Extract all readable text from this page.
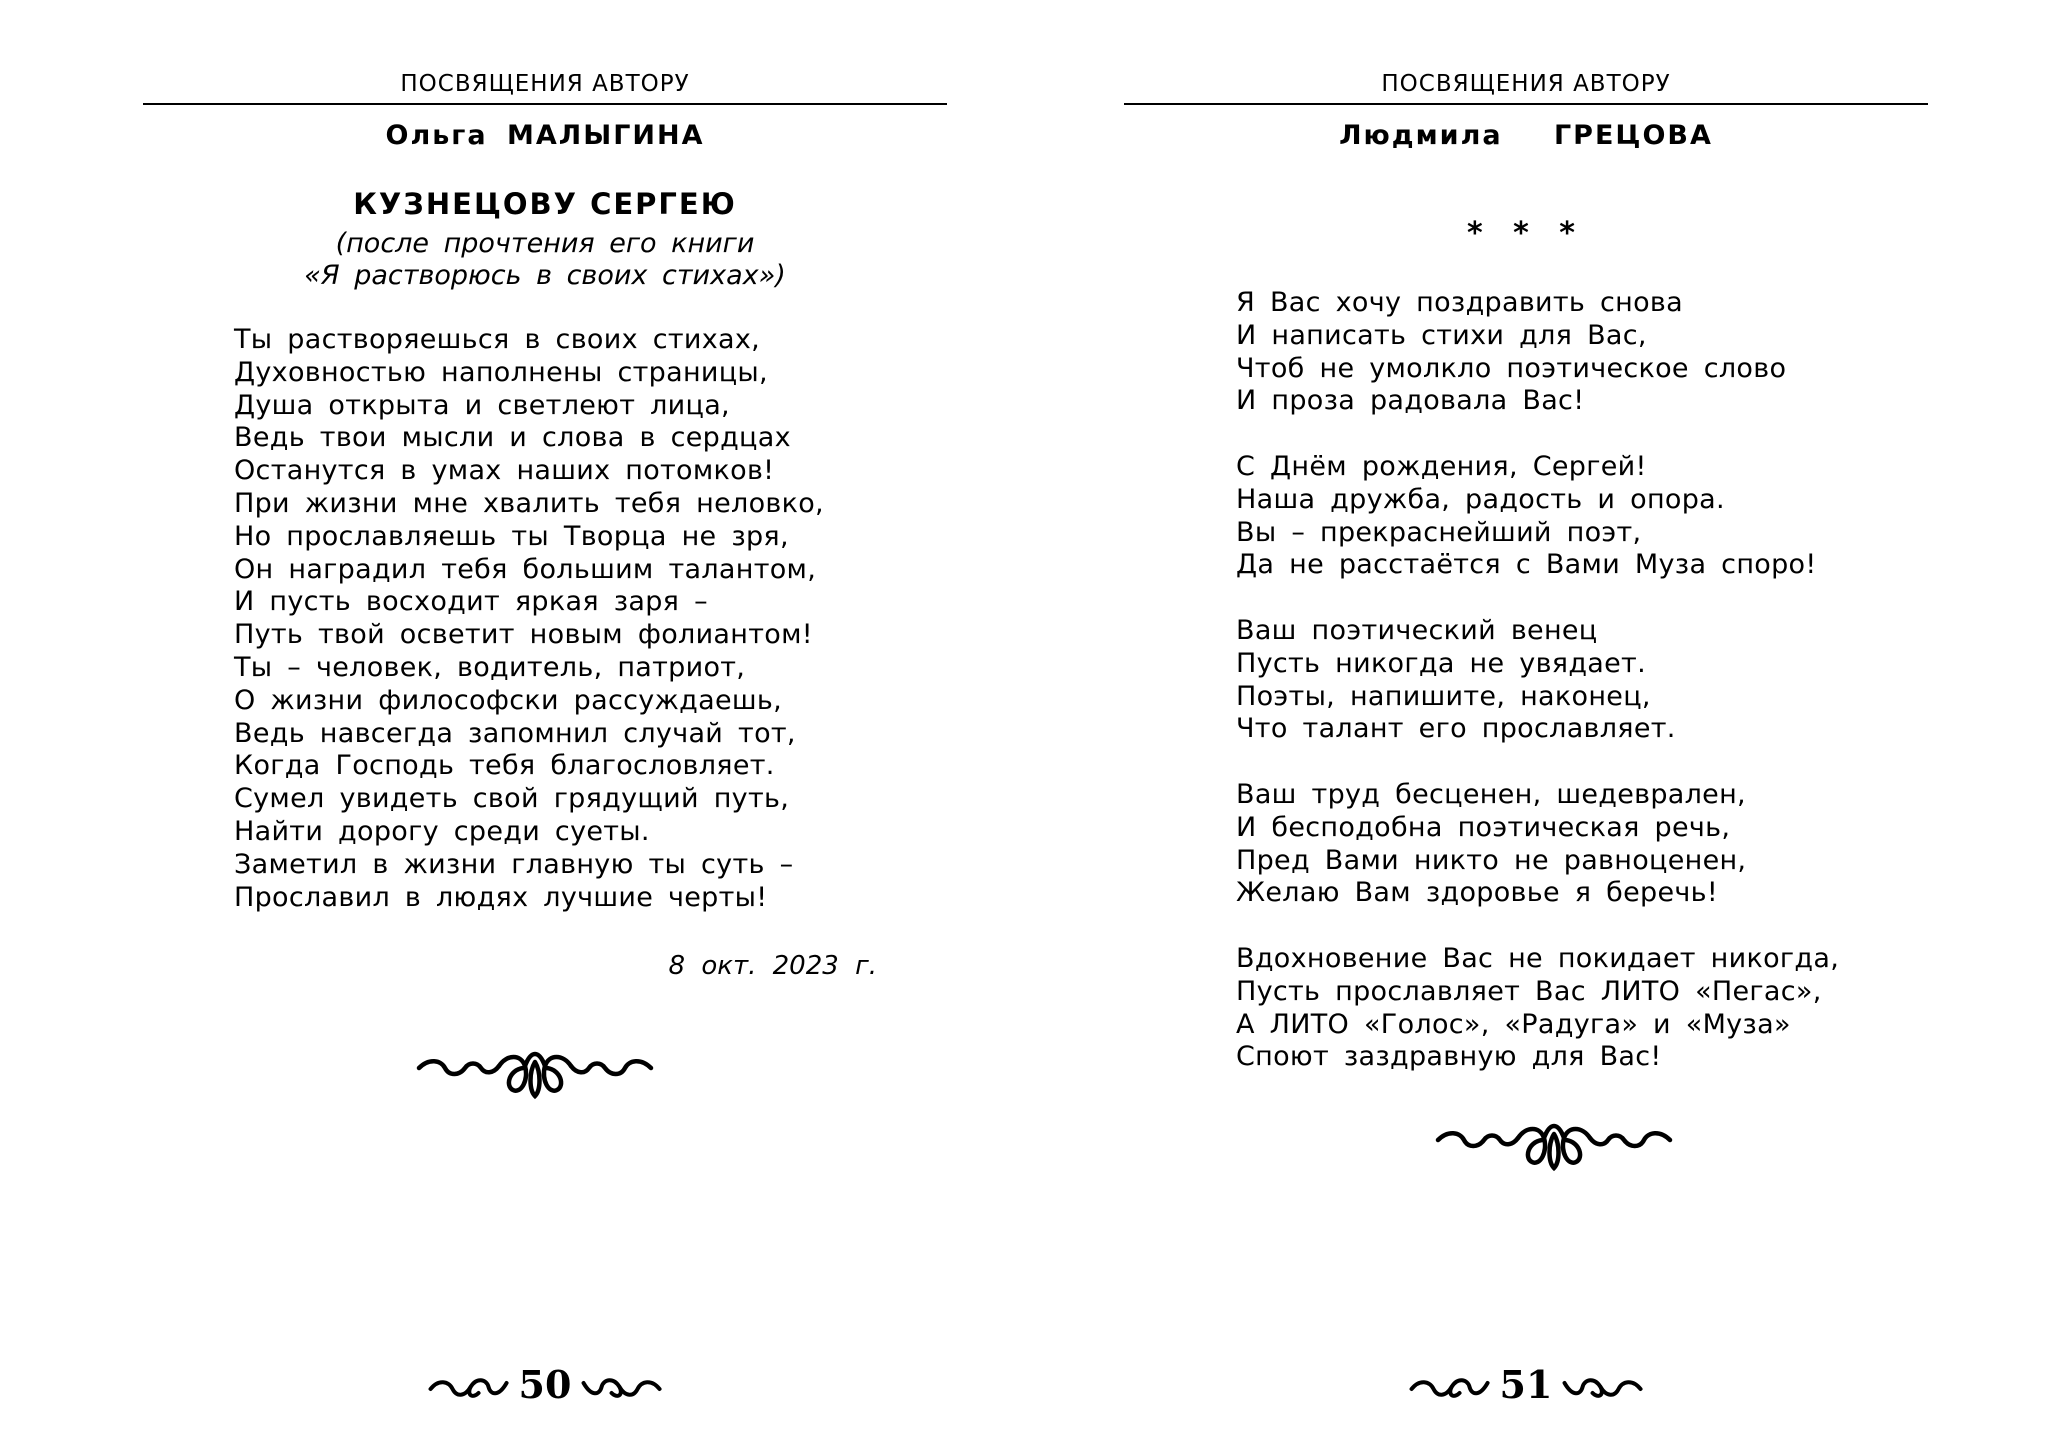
ПОСВЯЩЕНИЯ АВТОРУ
Ольга МАЛЫГИНА
КУЗНЕЦОВУ СЕРГЕЮ
(после прочтения его книги
«Я растворюсь в своих стихах»)
Ты растворяешься в своих стихах,
Духовностью наполнены страницы,
Душа открыта и светлеют лица,
Ведь твои мысли и слова в сердцах
Останутся в умах наших потомков!
При жизни мне хвалить тебя неловко,
Но прославляешь ты Творца не зря,
Он наградил тебя большим талантом,
И пусть восходит яркая заря –
Путь твой осветит новым фолиантом!
Ты – человек, водитель, патриот,
О жизни философски рассуждаешь,
Ведь навсегда запомнил случай тот,
Когда Господь тебя благословляет.
Сумел увидеть свой грядущий путь,
Найти дорогу среди суеты.
Заметил в жизни главную ты суть –
Прославил в людях лучшие черты!
8 окт. 2023 г.
50
ПОСВЯЩЕНИЯ АВТОРУ
Людмила ГРЕЦОВА
* * *
Я Вас хочу поздравить снова
И написать стихи для Вас,
Чтоб не умолкло поэтическое слово
И проза радовала Вас!
С Днём рождения, Сергей!
Наша дружба, радость и опора.
Вы – прекраснейший поэт,
Да не расстаётся с Вами Муза споро!
Ваш поэтический венец
Пусть никогда не увядает.
Поэты, напишите, наконец,
Что талант его прославляет.
Ваш труд бесценен, шедеврален,
И бесподобна поэтическая речь,
Пред Вами никто не равноценен,
Желаю Вам здоровье я беречь!
Вдохновение Вас не покидает никогда,
Пусть прославляет Вас ЛИТО «Пегас»,
А ЛИТО «Голос», «Радуга» и «Муза»
Споют заздравную для Вас!
51
